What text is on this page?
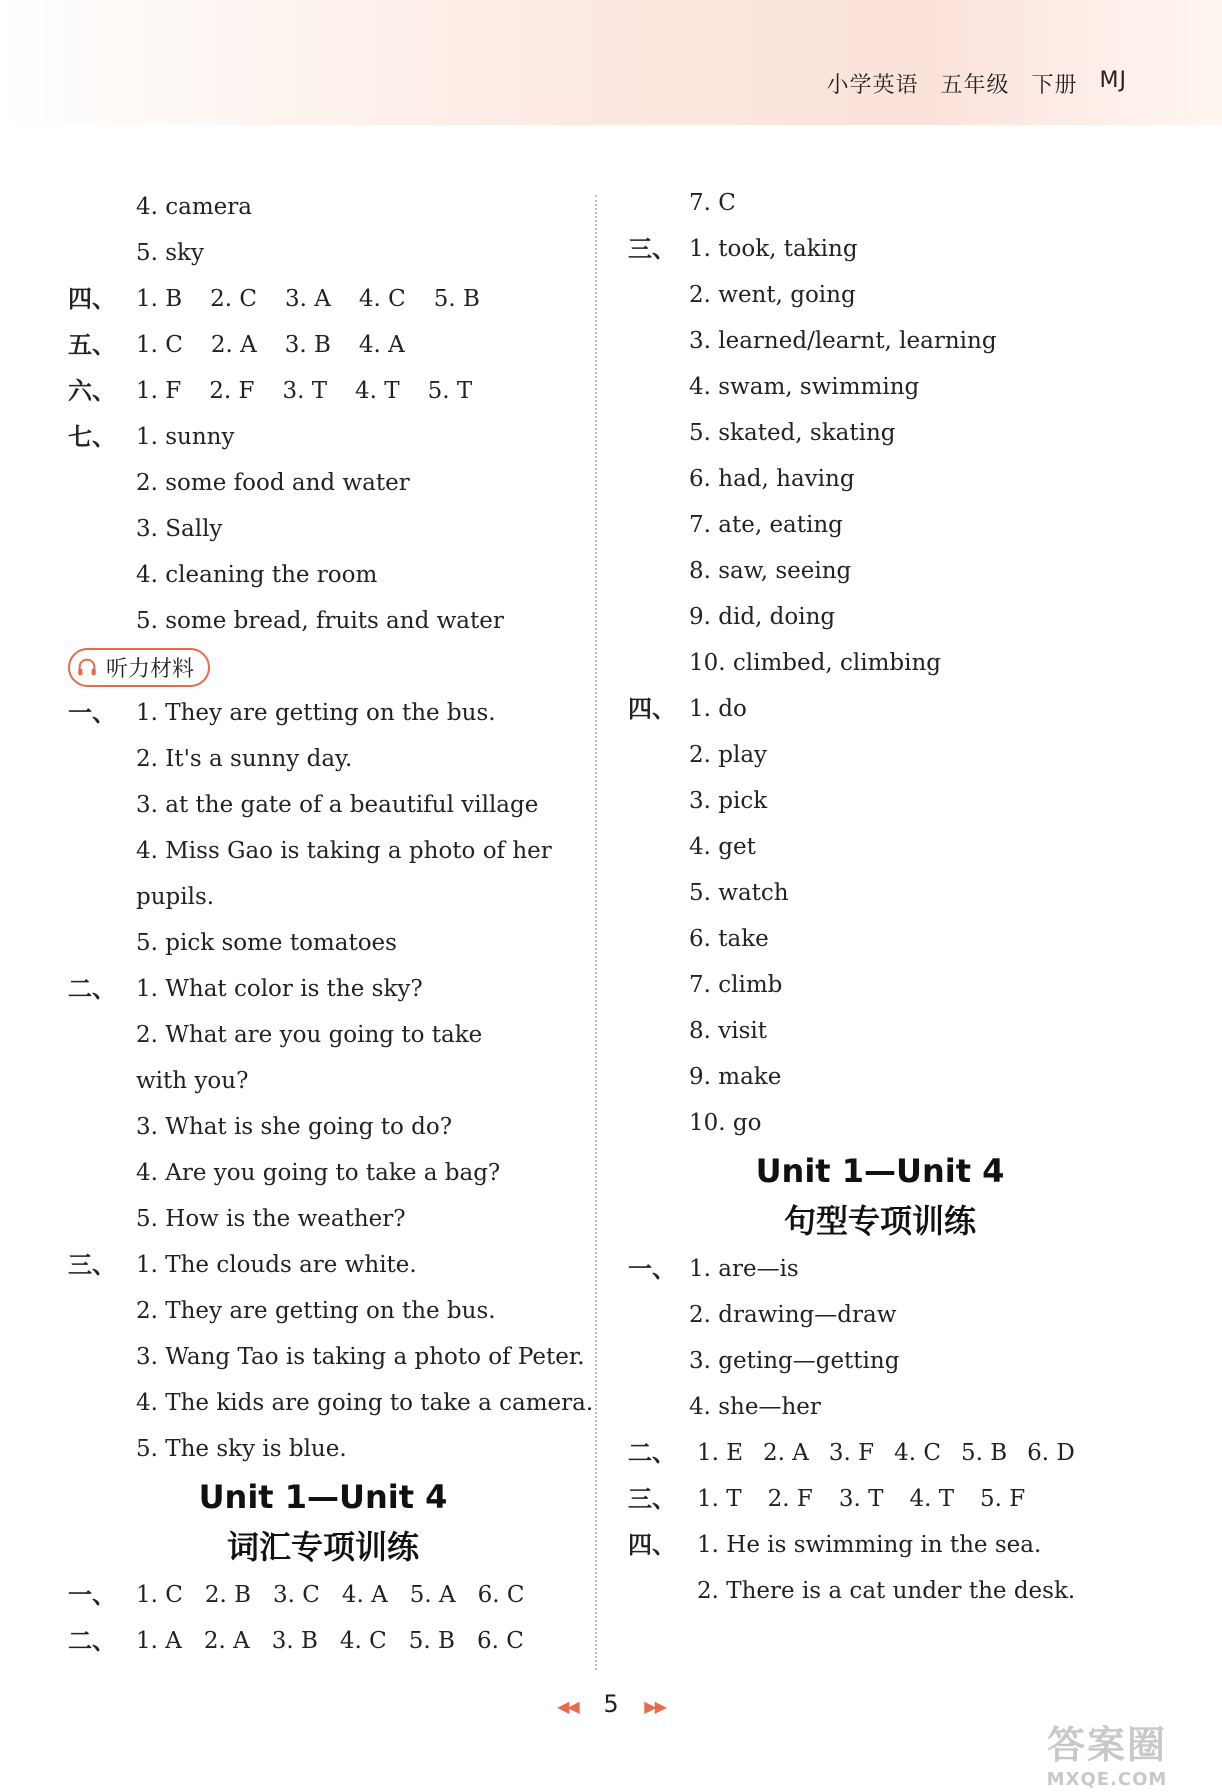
小学英语 五年级 下册 MJ
4. camera
5. sky
四、 1. B 2. C 3. A 4. C 5. B
五、 1. C 2. A 3. B 4. A
六、 1. F 2. F 3. T 4. T 5. T
七、 1. sunny
2. some food and water
3. Sally
4. cleaning the room
5. some bread, fruits and water
听力材料
一、 1. They are getting on the bus.
2. It's a sunny day.
3. at the gate of a beautiful village
4. Miss Gao is taking a photo of her pupils.
5. pick some tomatoes
二、 1. What color is the sky?
2. What are you going to take with you?
3. What is she going to do?
4. Are you going to take a bag?
5. How is the weather?
三、 1. The clouds are white.
2. They are getting on the bus.
3. Wang Tao is taking a photo of Peter.
4. The kids are going to take a camera.
5. The sky is blue.
Unit 1—Unit 4
词汇专项训练
一、 1. C 2. B 3. C 4. A 5. A 6. C
二、 1. A 2. A 3. B 4. C 5. B 6. C
7. C
三、 1. took, taking
2. went, going
3. learned/learnt, learning
4. swam, swimming
5. skated, skating
6. had, having
7. ate, eating
8. saw, seeing
9. did, doing
10. climbed, climbing
四、 1. do
2. play
3. pick
4. get
5. watch
6. take
7. climb
8. visit
9. make
10. go
Unit 1—Unit 4
句型专项训练
一、 1. are—is
2. drawing—draw
3. geting—getting
4. she—her
二、 1. E 2. A 3. F 4. C 5. B 6. D
三、 1. T 2. F 3. T 4. T 5. F
四、 1. He is swimming in the sea.
2. There is a cat under the desk.
◀◀ 5 ▶▶
答案圈
MXQE.COM
